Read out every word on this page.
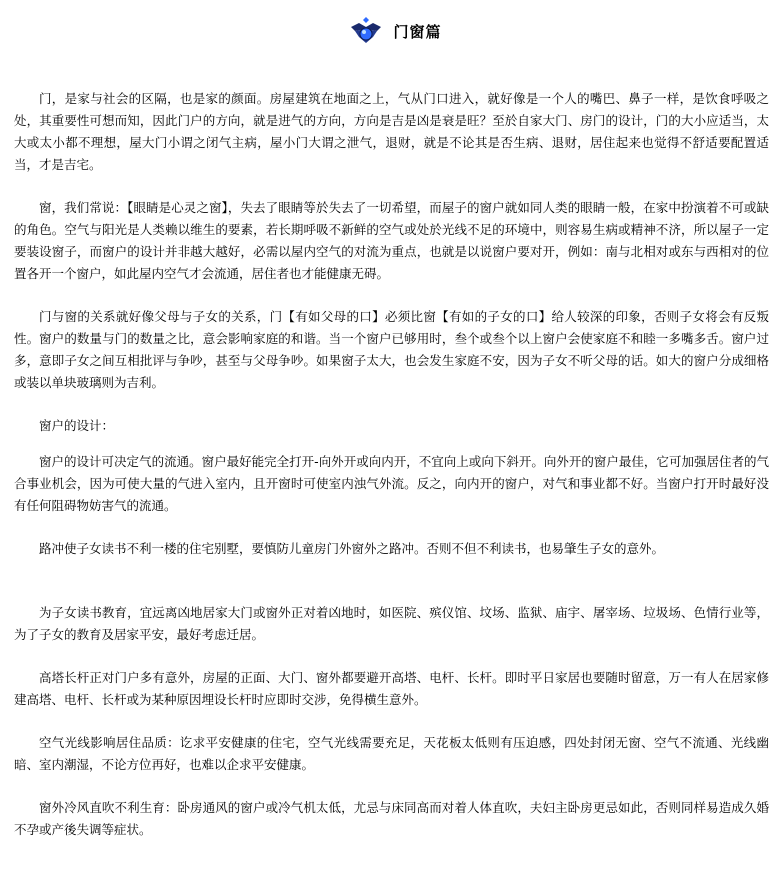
门窗篇

门，是家与社会的区隔，也是家的颜面。房屋建筑在地面之上，气从门口进入，就好像是一个人的嘴巴、鼻子一样，是饮食呼吸之处，其重要性可想而知，因此门户的方向，就是进气的方向，方向是吉是凶是衰是旺？至於自家大门、房门的设计，门的大小应适当，太大或太小都不理想，屋大门小谓之闭气主病，屋小门大谓之泄气，退财，就是不论其是否生病、退财，居住起来也觉得不舒适要配置适当，才是吉宅。

窗，我们常说：【眼睛是心灵之窗】，失去了眼睛等於失去了一切希望，而屋子的窗户就如同人类的眼睛一般，在家中扮演着不可或缺的角色。空气与阳光是人类赖以维生的要素，若长期呼吸不新鲜的空气或处於光线不足的环境中，则容易生病或精神不济，所以屋子一定要装设窗子，而窗户的设计并非越大越好，必需以屋内空气的对流为重点，也就是以说窗户要对开，例如：南与北相对或东与西相对的位置各开一个窗户，如此屋内空气才会流通，居住者也才能健康无碍。

门与窗的关系就好像父母与子女的关系，门【有如父母的口】必须比窗【有如的子女的口】给人较深的印象，否则子女将会有反叛性。窗户的数量与门的数量之比，意会影响家庭的和谐。当一个窗户已够用时，叁个或叁个以上窗户会使家庭不和睦一多嘴多舌。窗户过多，意即子女之间互相批评与争吵，甚至与父母争吵。如果窗子太大，也会发生家庭不安，因为子女不听父母的话。如大的窗户分成细格或装以单块玻璃则为吉利。

窗户的设计：

窗户的设计可决定气的流通。窗户最好能完全打开-向外开或向内开，不宜向上或向下斜开。向外开的窗户最佳，它可加强居住者的气合事业机会，因为可使大量的气进入室内，且开窗时可使室内浊气外流。反之，向内开的窗户，对气和事业都不好。当窗户打开时最好没有任何阻碍物妨害气的流通。

路冲使子女读书不利一楼的住宅别墅，要慎防儿童房门外窗外之路冲。否则不但不利读书，也易肇生子女的意外。

为子女读书教育，宜远离凶地居家大门或窗外正对着凶地时，如医院、殡仪馆、坟场、监狱、庙宇、屠宰场、垃圾场、色情行业等，为了子女的教育及居家平安，最好考虑迁居。

高塔长杆正对门户多有意外，房屋的正面、大门、窗外都要避开高塔、电杆、长杆。即时平日家居也要随时留意，万一有人在居家修建高塔、电杆、长杆或为某种原因埋设长杆时应即时交涉，免得横生意外。

空气光线影响居住品质：讫求平安健康的住宅，空气光线需要充足，天花板太低则有压迫感，四处封闭无窗、空气不流通、光线幽暗、室内潮湿，不论方位再好，也难以企求平安健康。

窗外冷风直吹不利生育：卧房通风的窗户或冷气机太低，尤忌与床同高而对着人体直吹，夫妇主卧房更忌如此，否则同样易造成久婚不孕或产後失调等症状。
